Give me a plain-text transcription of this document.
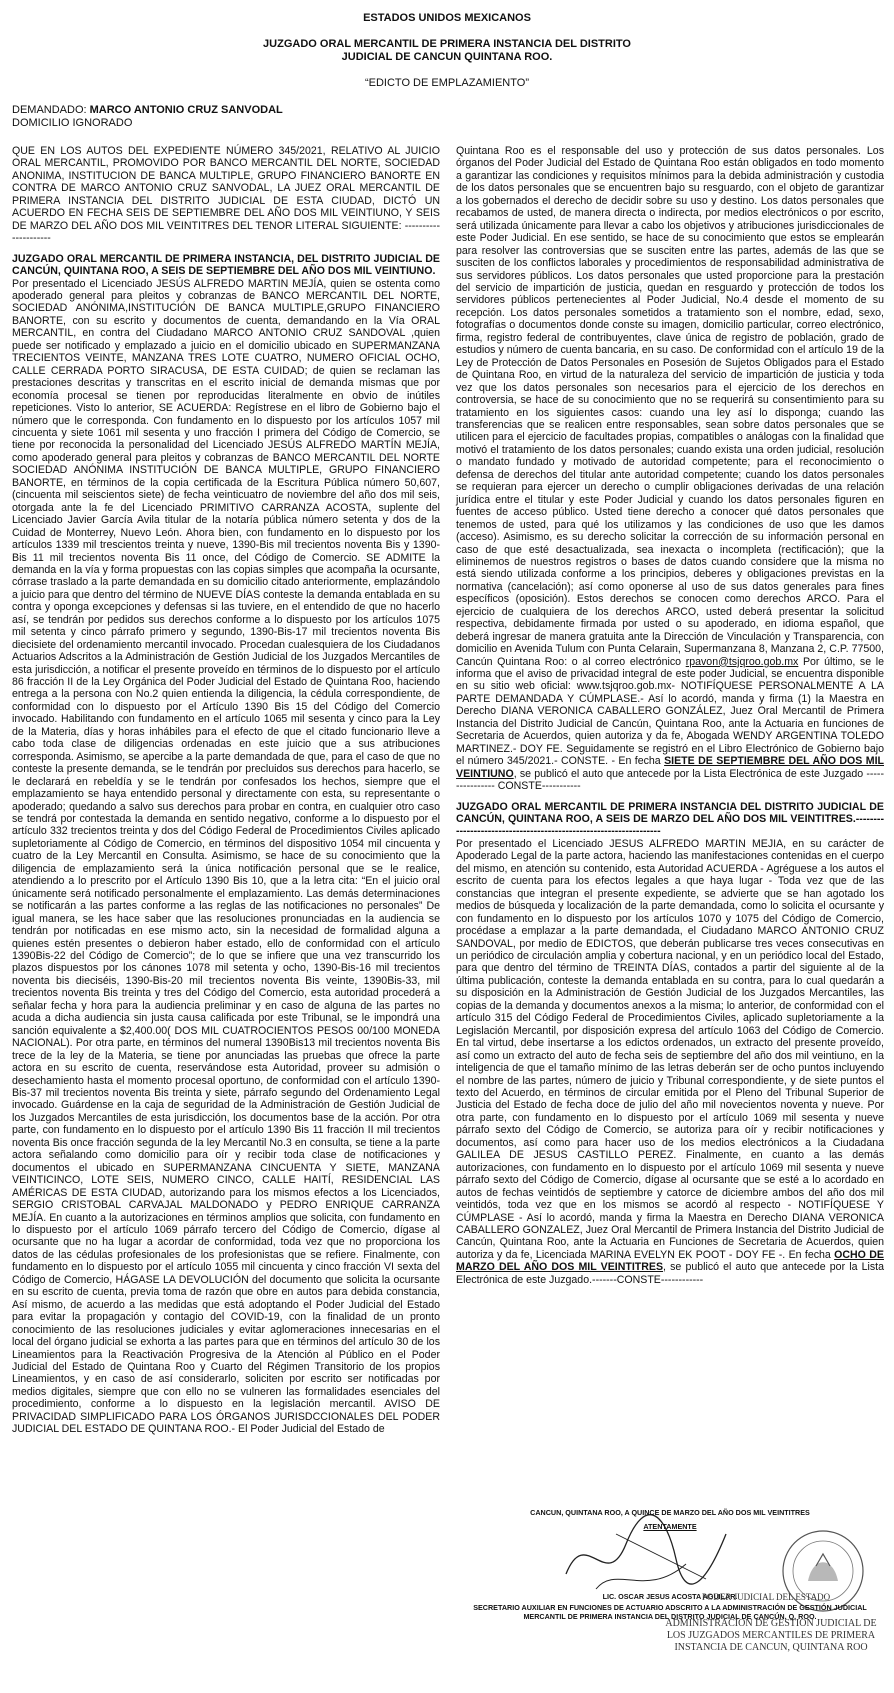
ESTADOS UNIDOS MEXICANOS
JUZGADO ORAL MERCANTIL DE PRIMERA INSTANCIA DEL DISTRITO
JUDICIAL DE CANCUN QUINTANA ROO.
“EDICTO DE EMPLAZAMIENTO”
DEMANDADO: MARCO ANTONIO CRUZ SANVODAL
DOMICILIO IGNORADO

QUE EN LOS AUTOS DEL EXPEDIENTE NÚMERO 345/2021, RELATIVO AL JUICIO ORAL MERCANTIL, PROMOVIDO POR BANCO MERCANTIL DEL NORTE, SOCIEDAD ANONIMA, INSTITUCION DE BANCA MULTIPLE, GRUPO FINANCIERO BANORTE EN CONTRA DE MARCO ANTONIO CRUZ SANVODAL, LA JUEZ ORAL MERCANTIL DE PRIMERA INSTANCIA DEL DISTRITO JUDICIAL DE ESTA CIUDAD, DICTÓ UN ACUERDO EN FECHA SEIS DE SEPTIEMBRE DEL AÑO DOS MIL VEINTIUNO, Y SEIS DE MARZO DEL AÑO DOS MIL VEINTITRES DEL TENOR LITERAL SIGUIENTE: ---------------------

JUZGADO ORAL MERCANTIL DE PRIMERA INSTANCIA, DEL DISTRITO JUDICIAL DE CANCÚN, QUINTANA ROO, A SEIS DE SEPTIEMBRE DEL AÑO DOS MIL VEINTIUNO.

Por presentado el Licenciado JESÚS ALFREDO MARTIN MEJÍA, quien se ostenta como apoderado general para pleitos y cobranzas de BANCO MERCANTIL DEL NORTE, SOCIEDAD ANÓNIMA,INSTITUCIÓN DE BANCA MULTIPLE,GRUPO FINANCIERO BANORTE, con su escrito y documentos de cuenta, demandando en la Vía ORAL MERCANTIL, en contra del Ciudadano MARCO ANTONIO CRUZ SANDOVAL ,quien puede ser notificado y emplazado a juicio en el domicilio ubicado en SUPERMANZANA TRECIENTOS VEINTE, MANZANA TRES LOTE CUATRO, NUMERO OFICIAL OCHO, CALLE CERRADA PORTO SIRACUSA, DE ESTA CUIDAD; de quien se reclaman las prestaciones descritas y transcritas en el escrito inicial de demanda mismas que por economía procesal se tienen por reproducidas literalmente en obvio de inútiles repeticiones. Visto lo anterior, SE ACUERDA: Regístrese en el libro de Gobierno bajo el número que le corresponda. Con fundamento en lo dispuesto por los artículos 1057 mil cincuenta y siete 1061 mil sesenta y uno fracción I primera del Código de Comercio, se tiene por reconocida la personalidad del Licenciado JESÚS ALFREDO MARTÍN MEJÍA, como apoderado general para pleitos y cobranzas de BANCO MERCANTIL DEL NORTE SOCIEDAD ANÓNIMA INSTITUCIÓN DE BANCA MULTIPLE, GRUPO FINANCIERO BANORTE, en términos de la copia certificada de la Escritura Pública número 50,607,(cincuenta mil seiscientos siete) de fecha veinticuatro de noviembre del año dos mil seis, otorgada ante la fe del Licenciado PRIMITIVO CARRANZA ACOSTA, suplente del Licenciado Javier García Avila titular de la notaría pública número setenta y dos de la Cuidad de Monterrey, Nuevo León. Ahora bien, con fundamento en lo dispuesto por los artículos 1339 mil trescientos treinta y nueve, 1390-Bis mil trecientos noventa Bis y 1390-Bis 11 mil trecientos noventa Bis 11 once, del Código de Comercio. SE ADMITE la demanda en la vía y forma propuestas con las copias simples que acompaña la ocursante, córrase traslado a la parte demandada en su domicilio citado anteriormente, emplazándolo a juicio para que dentro del término de NUEVE DÍAS conteste la demanda entablada en su contra y oponga excepciones y defensas si las tuviere, en el entendido de que no hacerlo así, se tendrán por pedidos sus derechos conforme a lo dispuesto por los artículos 1075 mil setenta y cinco párrafo primero y segundo, 1390-Bis-17 mil trecientos noventa Bis diecisiete del ordenamiento mercantil invocado. Procedan cualesquiera de los Ciudadanos Actuarios Adscritos a la Administración de Gestión Judicial de los Juzgados Mercantiles de esta jurisdicción, a notificar el presente proveído en términos de lo dispuesto por el artículo 86 fracción II de la Ley Orgánica del Poder Judicial del Estado de Quintana Roo, haciendo entrega a la persona con No.2 quien entienda la diligencia, la cédula correspondiente, de conformidad con lo dispuesto por el Artículo 1390 Bis 15 del Código del Comercio invocado. Habilitando con fundamento en el artículo 1065 mil sesenta y cinco para la Ley de la Materia, días y horas inhábiles para el efecto de que el citado funcionario lleve a cabo toda clase de diligencias ordenadas en este juicio que a sus atribuciones corresponda. Asimismo, se apercibe a la parte demandada de que, para el caso de que no conteste la presente demanda, se le tendrán por precluidos sus derechos para hacerlo, se le declarará en rebeldía y se le tendrán por confesados los hechos, siempre que el emplazamiento se haya entendido personal y directamente con esta, su representante o apoderado; quedando a salvo sus derechos para probar en contra, en cualquier otro caso se tendrá por contestada la demanda en sentido negativo, conforme a lo dispuesto por el artículo 332 trecientos treinta y dos del Código Federal de Procedimientos Civiles aplicado supletoriamente al Código de Comercio, en términos del dispositivo 1054 mil cincuenta y cuatro de la Ley Mercantil en Consulta. Asimismo, se hace de su conocimiento que la diligencia de emplazamiento será la única notificación personal que se le realice, atendiendo a lo prescrito por el Artículo 1390 Bis 10, que a la letra cita: “En el juicio oral únicamente será notificado personalmente el emplazamiento. Las demás determinaciones se notificarán a las partes conforme a las reglas de las notificaciones no personales” De igual manera, se les hace saber que las resoluciones pronunciadas en la audiencia se tendrán por notificadas en ese mismo acto, sin la necesidad de formalidad alguna a quienes estén presentes o debieron haber estado, ello de conformidad con el artículo 1390Bis-22 del Código de Comercio”; de lo que se infiere que una vez transcurrido los plazos dispuestos por los cánones 1078 mil setenta y ocho, 1390-Bis-16 mil trecientos noventa bis dieciséis, 1390-Bis-20 mil trecientos noventa Bis veinte, 1390Bis-33, mil trecientos noventa Bis treinta y tres del Código del Comercio, esta autoridad procederá a señalar fecha y hora para la audiencia preliminar y en caso de alguna de las partes no acuda a dicha audiencia sin justa causa calificada por este Tribunal, se le impondrá una sanción equivalente a $2,400.00( DOS MIL CUATROCIENTOS PESOS 00/100 MONEDA NACIONAL). Por otra parte, en términos del numeral 1390Bis13 mil trecientos noventa Bis trece de la ley de la Materia, se tiene por anunciadas las pruebas que ofrece la parte actora en su escrito de cuenta, reservándose esta Autoridad, proveer su admisión o desechamiento hasta el momento procesal oportuno, de conformidad con el artículo 1390-Bis-37 mil trecientos noventa Bis treinta y siete, párrafo segundo del Ordenamiento Legal invocado. Guárdense en la caja de seguridad de la Administración de Gestión Judicial de los Juzgados Mercantiles de esta jurisdicción, los documentos base de la acción. Por otra parte, con fundamento en lo dispuesto por el artículo 1390 Bis 11 fracción II mil trecientos noventa Bis once fracción segunda de la ley Mercantil No.3 en consulta, se tiene a la parte actora señalando como domicilio para oír y recibir toda clase de notificaciones y documentos el ubicado en SUPERMANZANA CINCUENTA Y SIETE, MANZANA VEINTICINCO, LOTE SEIS, NUMERO CINCO, CALLE HAITÍ, RESIDENCIAL LAS AMÉRICAS DE ESTA CIUDAD, autorizando para los mismos efectos a los Licenciados, SERGIO CRISTOBAL CARVAJAL MALDONADO y PEDRO ENRIQUE CARRANZA MEJÍA. En cuanto a la autorizaciones en términos amplios que solicita, con fundamento en lo dispuesto por el artículo 1069 párrafo tercero del Código de Comercio, dígase al ocursante que no ha lugar a acordar de conformidad, toda vez que no proporciona los datos de las cédulas profesionales de los profesionistas que se refiere. Finalmente, con fundamento en lo dispuesto por el artículo 1055 mil cincuenta y cinco fracción VI sexta del Código de Comercio, HÁGASE LA DEVOLUCIÓN del documento que solicita la ocursante en su escrito de cuenta, previa toma de razón que obre en autos para debida constancia, Así mismo, de acuerdo a las medidas que está adoptando el Poder Judicial del Estado para evitar la propagación y contagio del COVID-19, con la finalidad de un pronto conocimiento de las resoluciones judiciales y evitar aglomeraciones innecesarias en el local del órgano judicial se exhorta a las partes para que en términos del artículo 30 de los Lineamientos para la Reactivación Progresiva de la Atención al Público en el Poder Judicial del Estado de Quintana Roo y Cuarto del Régimen Transitorio de los propios Lineamientos, y en caso de así considerarlo, soliciten por escrito ser notificadas por medios digitales, siempre que con ello no se vulneren las formalidades esenciales del procedimiento, conforme a lo dispuesto en la legislación mercantil. AVISO DE PRIVACIDAD SIMPLIFICADO PARA LOS ÓRGANOS JURISDCCIONALES DEL PODER JUDICIAL DEL ESTADO DE QUINTANA ROO.- El Poder Judicial del Estado de

Quintana Roo es el responsable del uso y protección de sus datos personales. Los órganos del Poder Judicial del Estado de Quintana Roo están obligados en todo momento a garantizar las condiciones y requisitos mínimos para la debida administración y custodia de los datos personales que se encuentren bajo su resguardo, con el objeto de garantizar a los gobernados el derecho de decidir sobre su uso y destino. Los datos personales que recabamos de usted, de manera directa o indirecta, por medios electrónicos o por escrito, será utilizada únicamente para llevar a cabo los objetivos y atribuciones jurisdiccionales de este Poder Judicial. En ese sentido, se hace de su conocimiento que estos se emplearán para resolver las controversias que se susciten entre las partes, además de las que se susciten de los conflictos laborales y procedimientos de responsabilidad administrativa de sus servidores públicos. Los datos personales que usted proporcione para la prestación del servicio de impartición de justicia, quedan en resguardo y protección de todos los servidores públicos pertenecientes al Poder Judicial, No.4 desde el momento de su recepción. Los datos personales sometidos a tratamiento son el nombre, edad, sexo, fotografías o documentos donde conste su imagen, domicilio particular, correo electrónico, firma, registro federal de contribuyentes, clave única de registro de población, grado de estudios y número de cuenta bancaria, en su caso. De conformidad con el artículo 19 de la Ley de Protección de Datos Personales en Posesión de Sujetos Obligados para el Estado de Quintana Roo, en virtud de la naturaleza del servicio de impartición de justicia y toda vez que los datos personales son necesarios para el ejercicio de los derechos en controversia, se hace de su conocimiento que no se requerirá su consentimiento para su tratamiento en los siguientes casos: cuando una ley así lo disponga; cuando las transferencias que se realicen entre responsables, sean sobre datos personales que se utilicen para el ejercicio de facultades propias, compatibles o análogas con la finalidad que motivó el tratamiento de los datos personales; cuando exista una orden judicial, resolución o mandato fundado y motivado de autoridad competente; para el reconocimiento o defensa de derechos del titular ante autoridad competente; cuando los datos personales se requieran para ejercer un derecho o cumplir obligaciones derivadas de una relación jurídica entre el titular y este Poder Judicial y cuando los datos personales figuren en fuentes de acceso público. Usted tiene derecho a conocer qué datos personales que tenemos de usted, para qué los utilizamos y las condiciones de uso que les damos (acceso). Asimismo, es su derecho solicitar la corrección de su información personal en caso de que esté desactualizada, sea inexacta o incompleta (rectificación); que la eliminemos de nuestros registros o bases de datos cuando considere que la misma no está siendo utilizada conforme a los principios, deberes y obligaciones previstas en la normativa (cancelación); así como oponerse al uso de sus datos generales para fines específicos (oposición). Estos derechos se conocen como derechos ARCO. Para el ejercicio de cualquiera de los derechos ARCO, usted deberá presentar la solicitud respectiva, debidamente firmada por usted o su apoderado, en idioma español, que deberá ingresar de manera gratuita ante la Dirección de Vinculación y Transparencia, con domicilio en Avenida Tulum con Punta Celarain, Supermanzana 8, Manzana 2, C.P. 77500, Cancún Quintana Roo: o al correo electrónico rpavon@tsjqroo.gob.mx Por último, se le informa que el aviso de privacidad integral de este poder Judicial, se encuentra disponible en su sitio web oficial: www.tsjqroo.gob.mx- NOTIFÍQUESE PERSONALMENTE A LA PARTE DEMANDADA Y CÚMPLASE.- Así lo acordó, manda y firma (1) la Maestra en Derecho DIANA VERONICA CABALLERO GONZÁLEZ, Juez Oral Mercantil de Primera Instancia del Distrito Judicial de Cancún, Quintana Roo, ante la Actuaria en funciones de Secretaria de Acuerdos, quien autoriza y da fe, Abogada WENDY ARGENTINA TOLEDO MARTINEZ.- DOY FE. Seguidamente se registró en el Libro Electrónico de Gobierno bajo el número 345/2021.- CONSTE. - En fecha SIETE DE SEPTIEMBRE DEL AÑO DOS MIL VEINTIUNO, se publicó el auto que antecede por la Lista Electrónica de este Juzgado ---------------- CONSTE-----------

JUZGADO ORAL MERCANTIL DE PRIMERA INSTANCIA DEL DISTRITO JUDICIAL DE CANCÚN, QUINTANA ROO, A SEIS DE MARZO DEL AÑO DOS MIL VEINTITRES.------------------------------------------------------------------

Por presentado el Licenciado JESUS ALFREDO MARTIN MEJIA, en su carácter de Apoderado Legal de la parte actora, haciendo las manifestaciones contenidas en el cuerpo del mismo, en atención su contenido, esta Autoridad ACUERDA - Agréguese a los autos el escrito de cuenta para los efectos legales a que haya lugar - Toda vez que de las constancias que integran el presente expediente, se advierte que se han agotado los medios de búsqueda y localización de la parte demandada, como lo solicita el ocursante y con fundamento en lo dispuesto por los artículos 1070 y 1075 del Código de Comercio, procédase a emplazar a la parte demandada, el Ciudadano MARCO ANTONIO CRUZ SANDOVAL, por medio de EDICTOS, que deberán publicarse tres veces consecutivas en un periódico de circulación amplia y cobertura nacional, y en un periódico local del Estado, para que dentro del término de TREINTA DÍAS, contados a partir del siguiente al de la última publicación, conteste la demanda entablada en su contra, para lo cual quedarán a su disposición en la Administración de Gestión Judicial de los Juzgados Mercantiles, las copias de la demanda y documentos anexos a la misma; lo anterior, de conformidad con el artículo 315 del Código Federal de Procedimientos Civiles, aplicado supletoriamente a la Legislación Mercantil, por disposición expresa del artículo 1063 del Código de Comercio. En tal virtud, debe insertarse a los edictos ordenados, un extracto del presente proveído, así como un extracto del auto de fecha seis de septiembre del año dos mil veintiuno, en la inteligencia de que el tamaño mínimo de las letras deberán ser de ocho puntos incluyendo el nombre de las partes, número de juicio y Tribunal correspondiente, y de siete puntos el texto del Acuerdo, en términos de circular emitida por el Pleno del Tribunal Superior de Justicia del Estado de fecha doce de julio del año mil novecientos noventa y nueve. Por otra parte, con fundamento en lo dispuesto por el artículo 1069 mil sesenta y nueve párrafo sexto del Código de Comercio, se autoriza para oír y recibir notificaciones y documentos, así como para hacer uso de los medios electrónicos a la Ciudadana GALILEA DE JESUS CASTILLO PEREZ. Finalmente, en cuanto a las demás autorizaciones, con fundamento en lo dispuesto por el artículo 1069 mil sesenta y nueve párrafo sexto del Código de Comercio, dígase al ocursante que se esté a lo acordado en autos de fechas veintidós de septiembre y catorce de diciembre ambos del año dos mil veintidós, toda vez que en los mismos se acordó al respecto - NOTIFÍQUESE Y CÚMPLASE - Así lo acordó, manda y firma la Maestra en Derecho DIANA VERONICA CABALLERO GONZALEZ, Juez Oral Mercantil de Primera Instancia del Distrito Judicial de Cancún, Quintana Roo, ante la Actuaria en Funciones de Secretaria de Acuerdos, quien autoriza y da fe, Licenciada MARINA EVELYN EK POOT - DOY FE -. En fecha OCHO DE MARZO DEL AÑO DOS MIL VEINTITRES, se publicó el auto que antecede por la Lista Electrónica de este Juzgado.-------CONSTE------------

CANCUN, QUINTANA ROO, A QUINCE DE MARZO DEL AÑO DOS MIL VEINTITRES
ATENTAMENTE
LIC. OSCAR JESUS ACOSTA AGUILAR.
SECRETARIO AUXILIAR EN FUNCIONES DE ACTUARIO ADSCRITO A LA ADMINISTRACIÓN DE GESTIÓN JUDICIAL
MERCANTIL DE PRIMERA INSTANCIA DEL DISTRITO JUDICIAL DE CANCÚN, Q. ROO.
PODER JUDICIAL DEL ESTADO
ADMINISTRACION DE GESTION JUDICIAL DE
LOS JUZGADOS MERCANTILES DE PRIMERA
INSTANCIA DE CANCUN, QUINTANA ROO
